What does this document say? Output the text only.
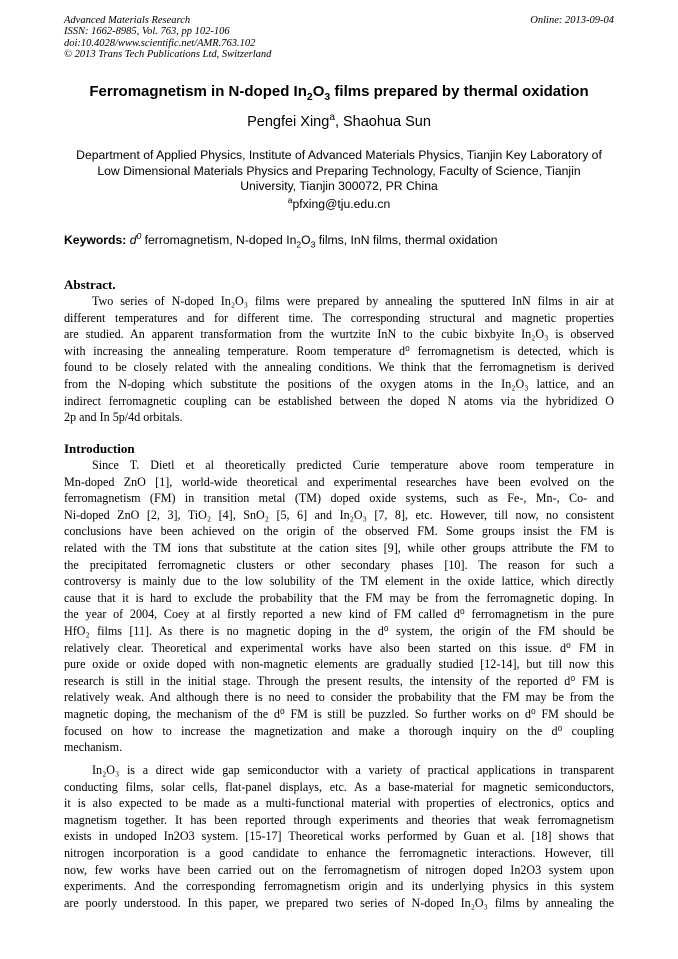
Advanced Materials Research
ISSN: 1662-8985, Vol. 763, pp 102-106
doi:10.4028/www.scientific.net/AMR.763.102
© 2013 Trans Tech Publications Ltd, Switzerland
Online: 2013-09-04
Ferromagnetism in N-doped $In_2O_3$ films prepared by thermal oxidation
Pengfei Xing$^a$, Shaohua Sun
Department of Applied Physics, Institute of Advanced Materials Physics, Tianjin Key Laboratory of
Low Dimensional Materials Physics and Preparing Technology, Faculty of Science, Tianjin
University, Tianjin 300072, PR China
$^a$pfxing@tju.edu.cn
Keywords: $d^0$ ferromagnetism, N-doped $In_2O_3$ films, InN films, thermal oxidation
Abstract.
Two series of N-doped In₂O₃ films were prepared by annealing the sputtered InN films in air at
different temperatures and for different time. The corresponding structural and magnetic properties
are studied. An apparent transformation from the wurtzite InN to the cubic bixbyite In₂O₃ is observed
with increasing the annealing temperature. Room temperature d⁰ ferromagnetism is detected, which is
found to be closely related with the annealing conditions. We think that the ferromagnetism is derived
from the N-doping which substitute the positions of the oxygen atoms in the In₂O₃ lattice, and an
indirect ferromagnetic coupling can be established between the doped N atoms via the hybridized O
2p and In 5p/4d orbitals.
Introduction
Since T. Dietl et al theoretically predicted Curie temperature above room temperature in
Mn-doped ZnO [1], world-wide theoretical and experimental researches have been evolved on the
ferromagnetism (FM) in transition metal (TM) doped oxide systems, such as Fe-, Mn-, Co- and
Ni-doped ZnO [2, 3], TiO₂ [4], SnO₂ [5, 6] and In₂O₃ [7, 8], etc. However, till now, no consistent
conclusions have been achieved on the origin of the observed FM. Some groups insist the FM is
related with the TM ions that substitute at the cation sites [9], while other groups attribute the FM to
the precipitated ferromagnetic clusters or other secondary phases [10]. The reason for such a
controversy is mainly due to the low solubility of the TM element in the oxide lattice, which directly
cause that it is hard to exclude the probability that the FM may be from the ferromagnetic doping. In
the year of 2004, Coey at al firstly reported a new kind of FM called d⁰ ferromagnetism in the pure
HfO₂ films [11]. As there is no magnetic doping in the d⁰ system, the origin of the FM should be
relatively clear. Theoretical and experimental works have also been started on this issue. d⁰ FM in
pure oxide or oxide doped with non-magnetic elements are gradually studied [12-14], but till now this
research is still in the initial stage. Through the present results, the intensity of the reported d⁰ FM is
relatively weak. And although there is no need to consider the probability that the FM may be from the
magnetic doping, the mechanism of the d⁰ FM is still be puzzled. So further works on d⁰ FM should be
focused on how to increase the magnetization and make a thorough inquiry on the d⁰ coupling
mechanism.
In₂O₃ is a direct wide gap semiconductor with a variety of practical applications in transparent
conducting films, solar cells, flat-panel displays, etc. As a base-material for magnetic semiconductors,
it is also expected to be made as a multi-functional material with properties of electronics, optics and
magnetism together. It has been reported through experiments and theories that weak ferromagnetism
exists in undoped In2O3 system. [15-17] Theoretical works performed by Guan et al. [18] shows that
nitrogen incorporation is a good candidate to enhance the ferromagnetic interactions. However, till
now, few works have been carried out on the ferromagnetism of nitrogen doped In2O3 system upon
experiments. And the corresponding ferromagnetism origin and its underlying physics in this system
are poorly understood. In this paper, we prepared two series of N-doped In₂O₃ films by annealing the
